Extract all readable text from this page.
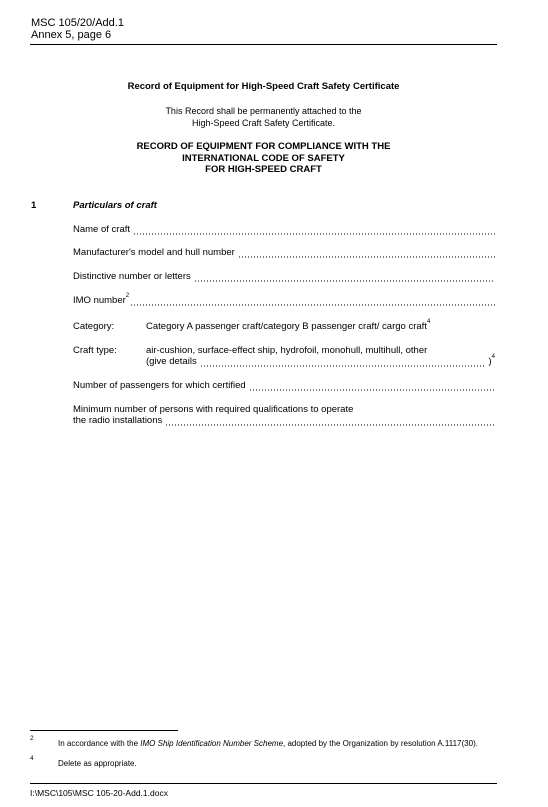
MSC 105/20/Add.1
Annex 5, page 6
Record of Equipment for High-Speed Craft Safety Certificate
This Record shall be permanently attached to the
High-Speed Craft Safety Certificate.
RECORD OF EQUIPMENT FOR COMPLIANCE WITH THE
INTERNATIONAL CODE OF SAFETY
FOR HIGH-SPEED CRAFT
1	Particulars of craft
Name of craft
Manufacturer's model and hull number
Distinctive number or letters
IMO number$^2$
Category:	Category A passenger craft/category B passenger craft/ cargo craft$^4$
Craft type:	air-cushion, surface-effect ship, hydrofoil, monohull, multihull, other
(give details	)$^4$
Number of passengers for which certified
Minimum number of persons with required qualifications to operate
the radio installations
2
In accordance with the IMO Ship Identification Number Scheme, adopted by the Organization by resolution A.1117(30).
4
Delete as appropriate.
I:\MSC\105\MSC 105-20-Add.1.docx
